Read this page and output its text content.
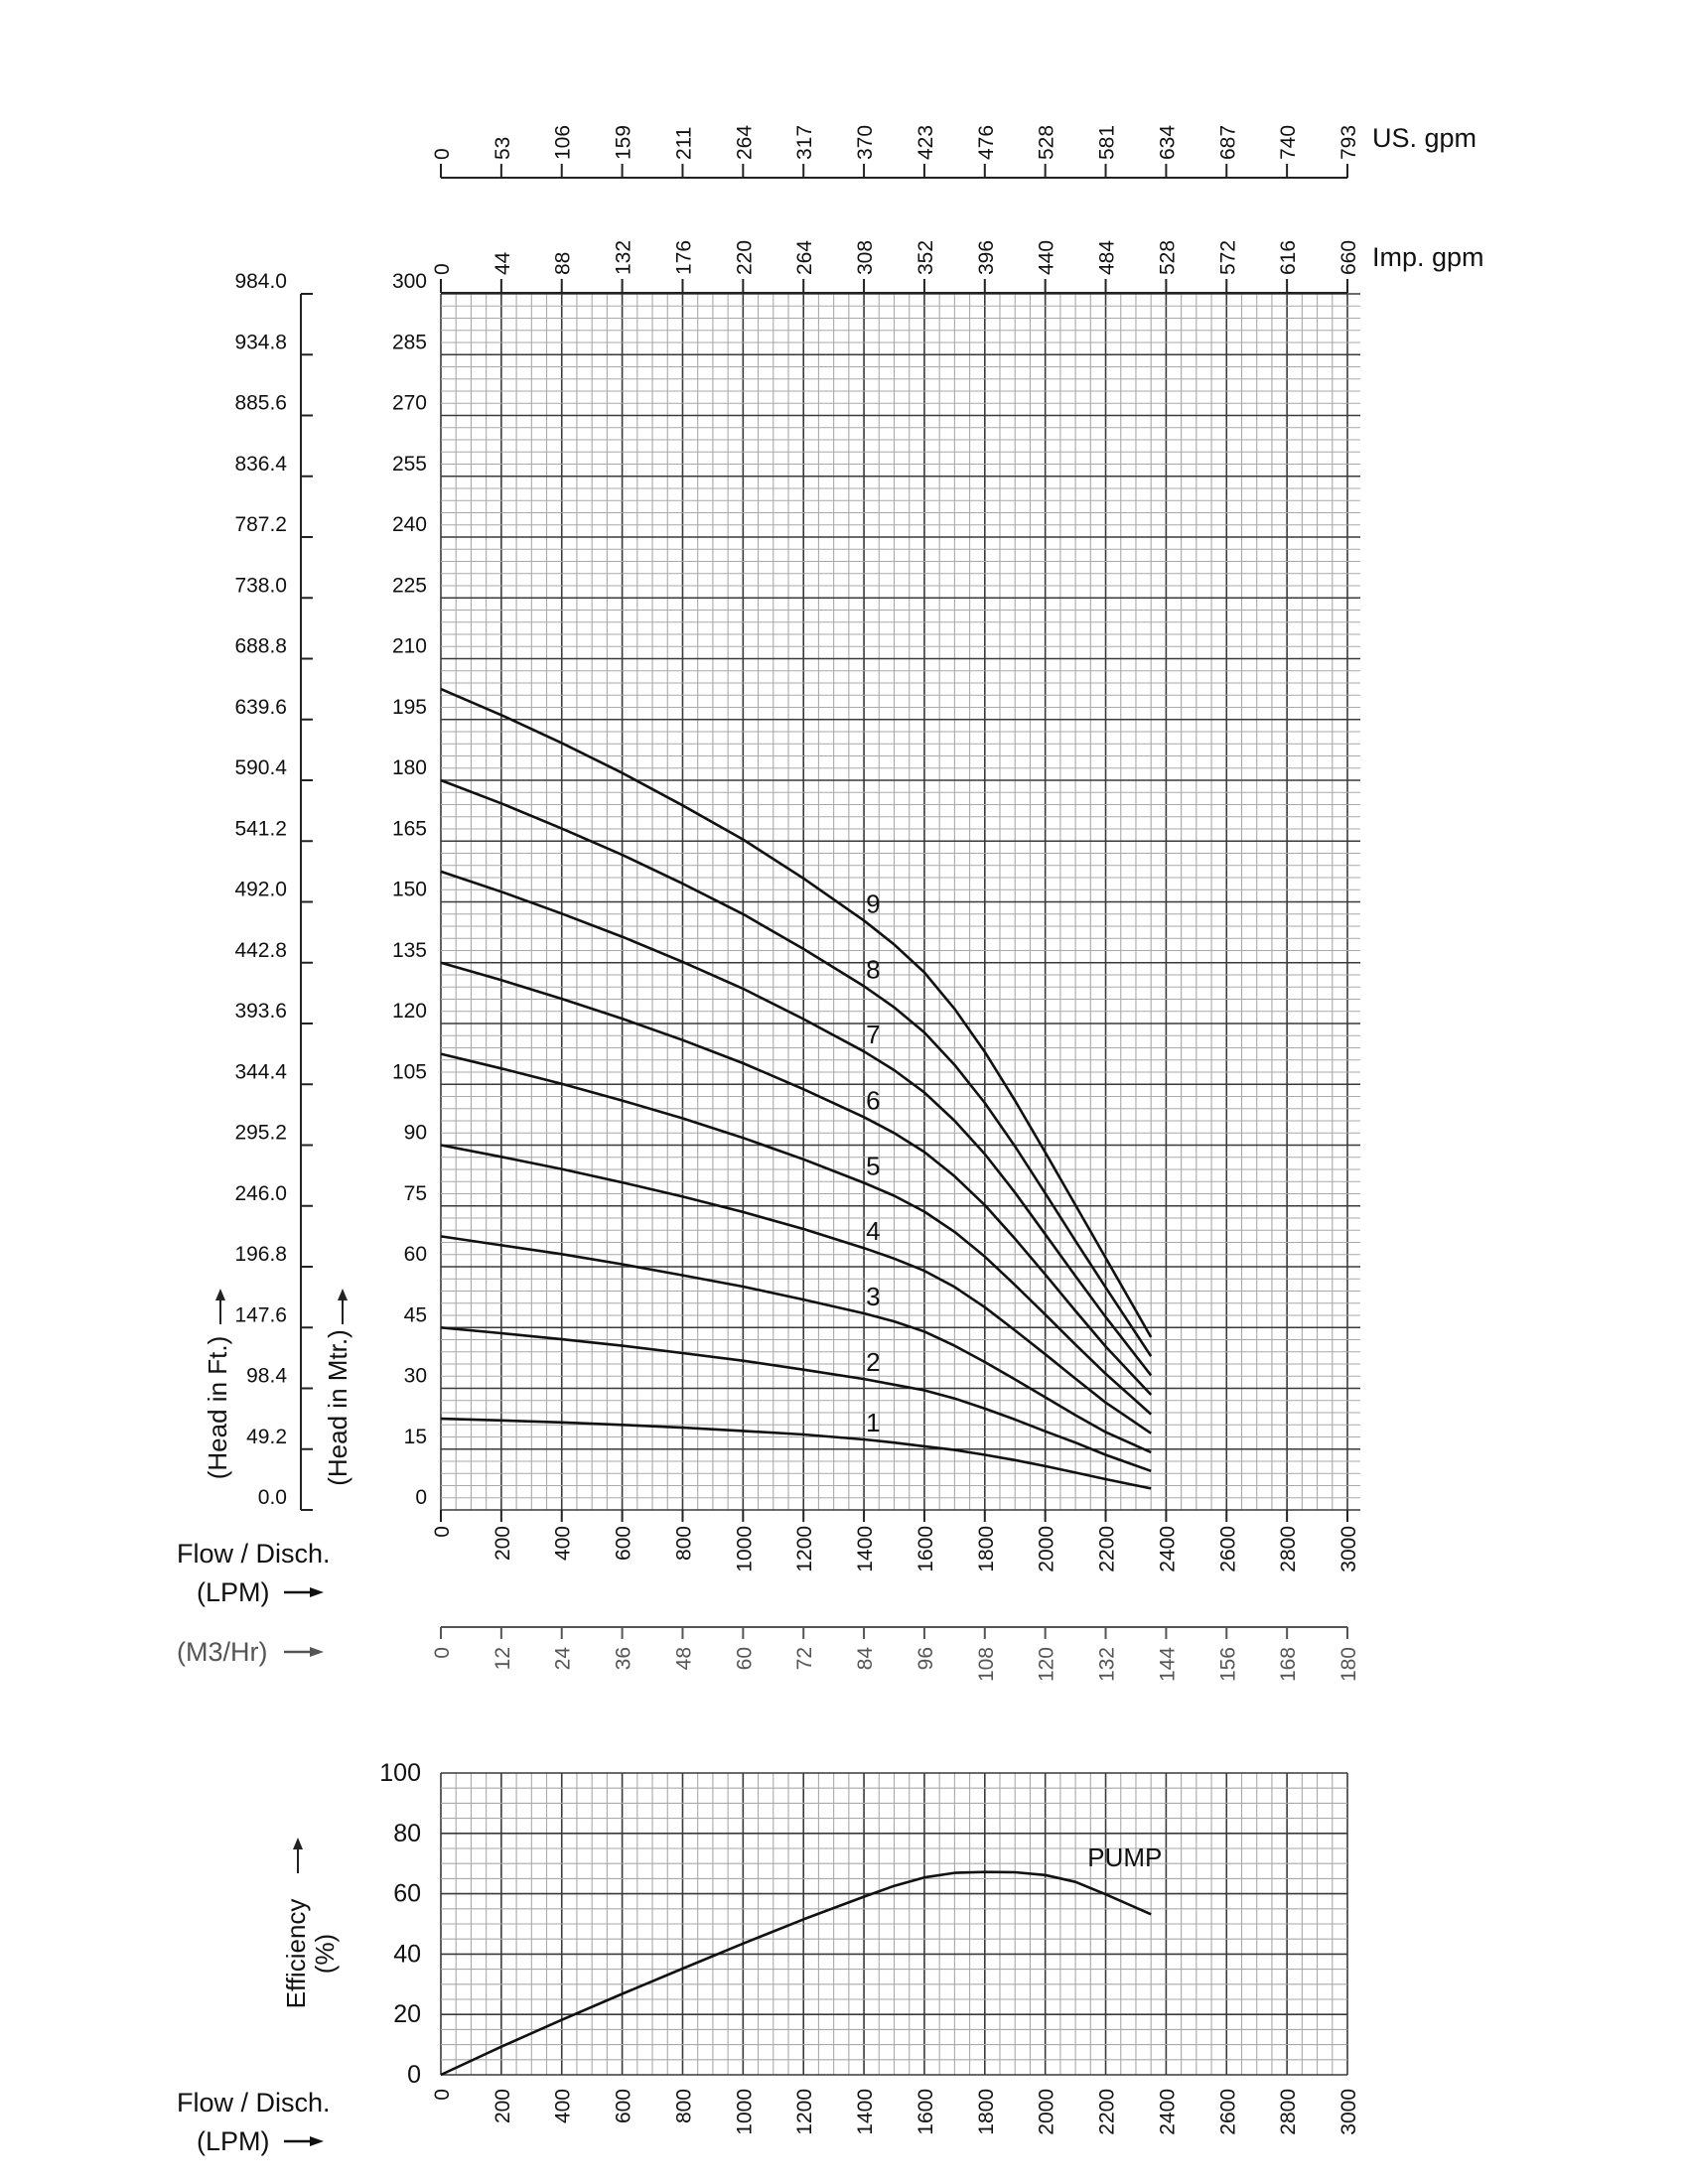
US. gpm
Imp. gpm
Flow / Disch.
(LPM)
(M3/Hr)
Flow / Disch.
(LPM)
(Head in Ft.)	(Head in Mtr.)
Efficiency (%)
0 53 106 159 211 264 317 370 423 476 528 581 634 687 740 793
0 44 88 132 176 220 264 308 352 396 440 484 528 572 616 660
0.0
49.2
98.4
147.6
196.8
246.0
295.2
344.4
393.6
442.8
492.0
541.2
590.4
639.6
688.8
738.0
787.2
836.4
885.6
934.8
984.0
0
15
30
45
60
75
90
105
120
135
150
165
180
195
210
225
240
255
270
285
300
0 200 400 600 800 1000 1200 1400 1600 1800 2000 2200 2400 2600 2800 3000
0 12 24 36 48 60 72 84 96 108 120 132 144 156 168 180
0
20
40
60
80
100
0 200 400 600 800 1000 1200 1400 1600 1800 2000 2200 2400 2600 2800 3000
1
2
3
4
5
6
7
8
9
PUMP
